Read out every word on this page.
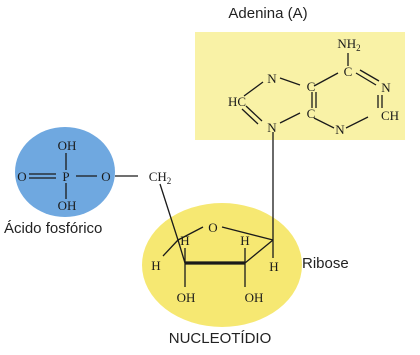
Adenina (A)
Ácido fosfórico
Ribose
NUCLEOTÍDIO
$NH_2$
C
N
N
C
C
HC
N	N
CH
OH
O	P O
OH
$CH_2$
O
H
H	H
H
OH	OH
